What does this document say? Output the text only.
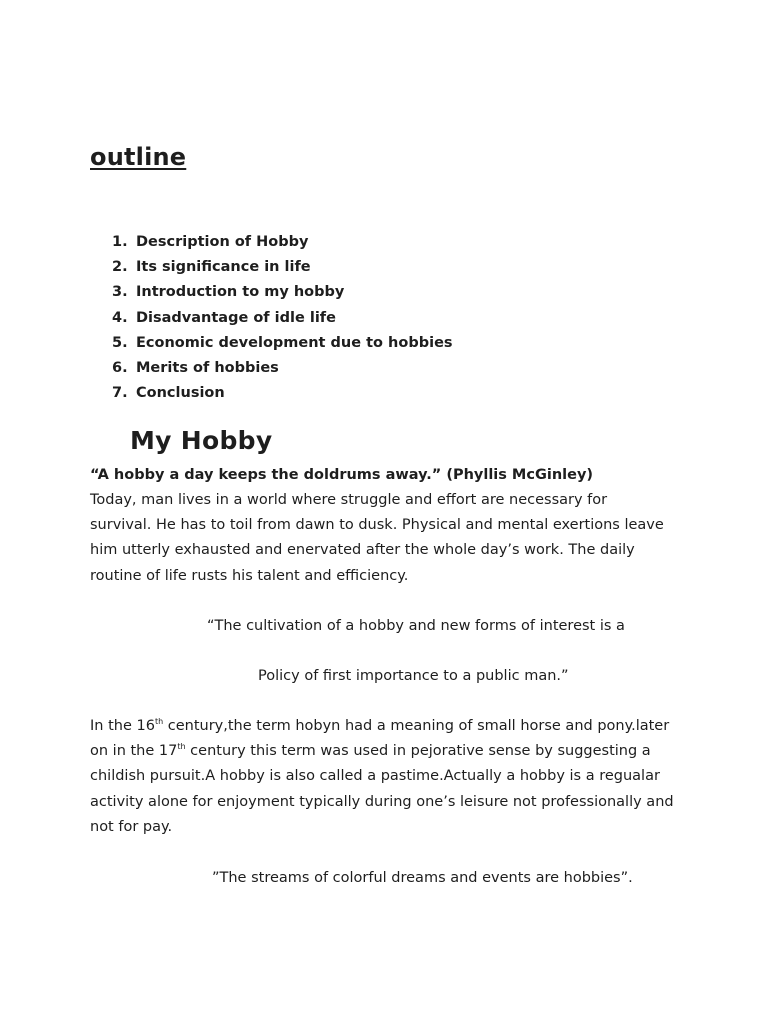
outline
1. Description of Hobby
2. Its significance in life
3. Introduction to my hobby
4. Disadvantage of idle life
5. Economic development due to hobbies
6. Merits of hobbies
7. Conclusion
My Hobby

“A hobby a day keeps the doldrums away.” (Phyllis McGinley)

Today, man lives in a world where struggle and effort are necessary for
survival. He has to toil from dawn to dusk. Physical and mental exertions leave
him utterly exhausted and enervated after the whole day’s work. The daily
routine of life rusts his talent and efficiency.

“The cultivation of a hobby and new forms of interest is a

Policy of first importance to a public man.”

In the 16th century,the term hobyn had a meaning of small horse and pony.later
on in the 17th century this term was used in pejorative sense by suggesting a
childish pursuit.A hobby is also called a pastime.Actually a hobby is a regualar
activity alone for enjoyment typically during one’s leisure not professionally and
not for pay.

”The streams of colorful dreams and events are hobbies”.
